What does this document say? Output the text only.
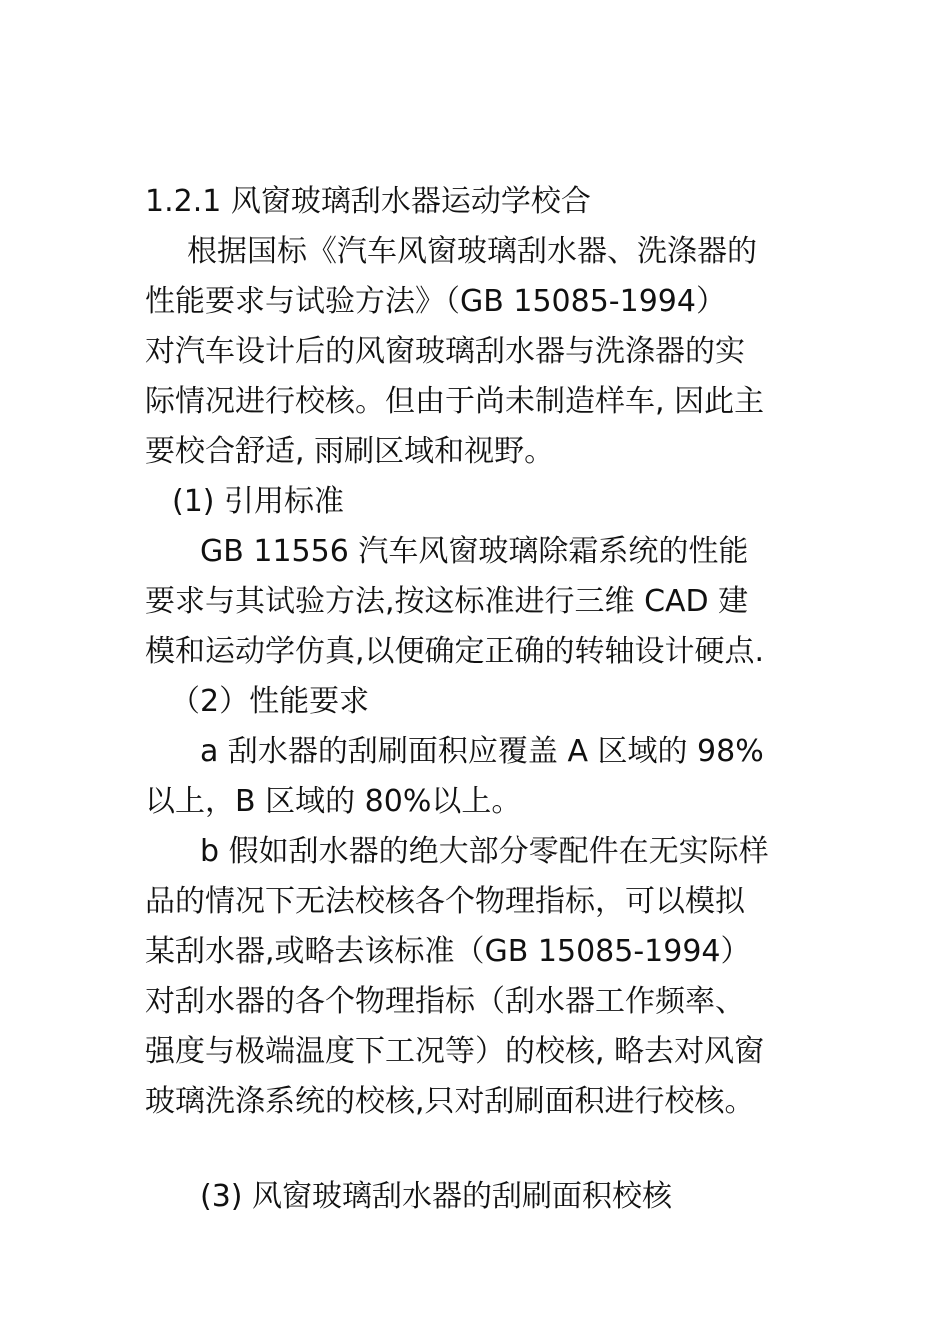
1.2.1 风窗玻璃刮水器运动学校合
根据国标《汽车风窗玻璃刮水器、洗涤器的
性能要求与试验方法》（GB 15085-1994）
对汽车设计后的风窗玻璃刮水器与洗涤器的实
际情况进行校核。但由于尚未制造样车, 因此主
要校合舒适, 雨刷区域和视野。
(1) 引用标准
GB 11556 汽车风窗玻璃除霜系统的性能
要求与其试验方法,按这标准进行三维 CAD 建
模和运动学仿真,以便确定正确的转轴设计硬点.
（2）性能要求
a 刮水器的刮刷面积应覆盖 A 区域的 98%
以上，B 区域的 80%以上。
b 假如刮水器的绝大部分零配件在无实际样
品的情况下无法校核各个物理指标，可以模拟
某刮水器,或略去该标准（GB 15085-1994）
对刮水器的各个物理指标（刮水器工作频率、
强度与极端温度下工况等）的校核, 略去对风窗
玻璃洗涤系统的校核,只对刮刷面积进行校核。
(3) 风窗玻璃刮水器的刮刷面积校核
